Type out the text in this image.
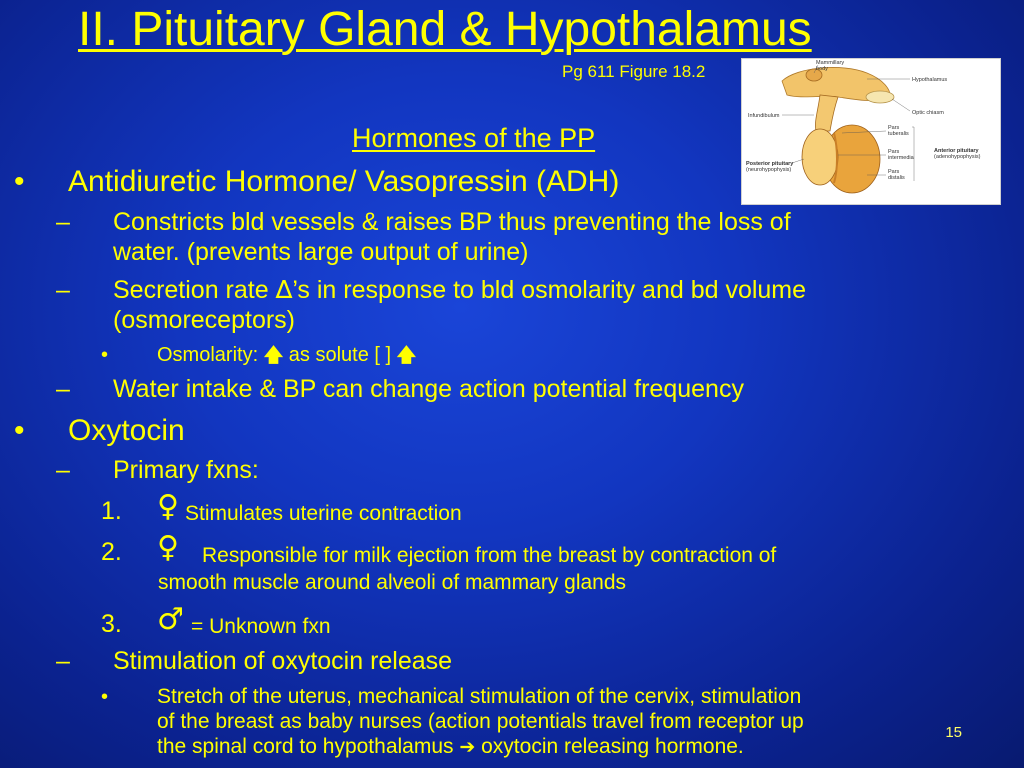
II. Pituitary Gland & Hypothalamus
Pg 611 Figure 18.2	Mammillary
body
Hypothalamus
Infundibulum	Optic chiasm
Pars
tuberalis
Pars
intermedia
Pars
distalis
Anterior pituitary
(adenohypophysis)
Posterior pituitary
(neurohypophysis)
Hormones of the PP
• Antidiuretic Hormone/ Vasopressin (ADH)
– Constricts bld vessels & raises BP thus preventing the loss of
water. (prevents large output of urine)
– Secretion rate ∆’s in response to bld osmolarity and bd volume
(osmoreceptors)
• Osmolarity: 🡅 as solute [ ] 🡅
– Water intake & BP can change action potential frequency
• Oxytocin
– Primary fxns:
1. ♀ Stimulates uterine contraction
2. ♀ Responsible for milk ejection from the breast by contraction of
smooth muscle around alveoli of mammary glands
3. ♂ = Unknown fxn
– Stimulation of oxytocin release
• Stretch of the uterus, mechanical stimulation of the cervix, stimulation
of the breast as baby nurses (action potentials travel from receptor up
the spinal cord to hypothalamus ➔ oxytocin releasing hormone.
15
